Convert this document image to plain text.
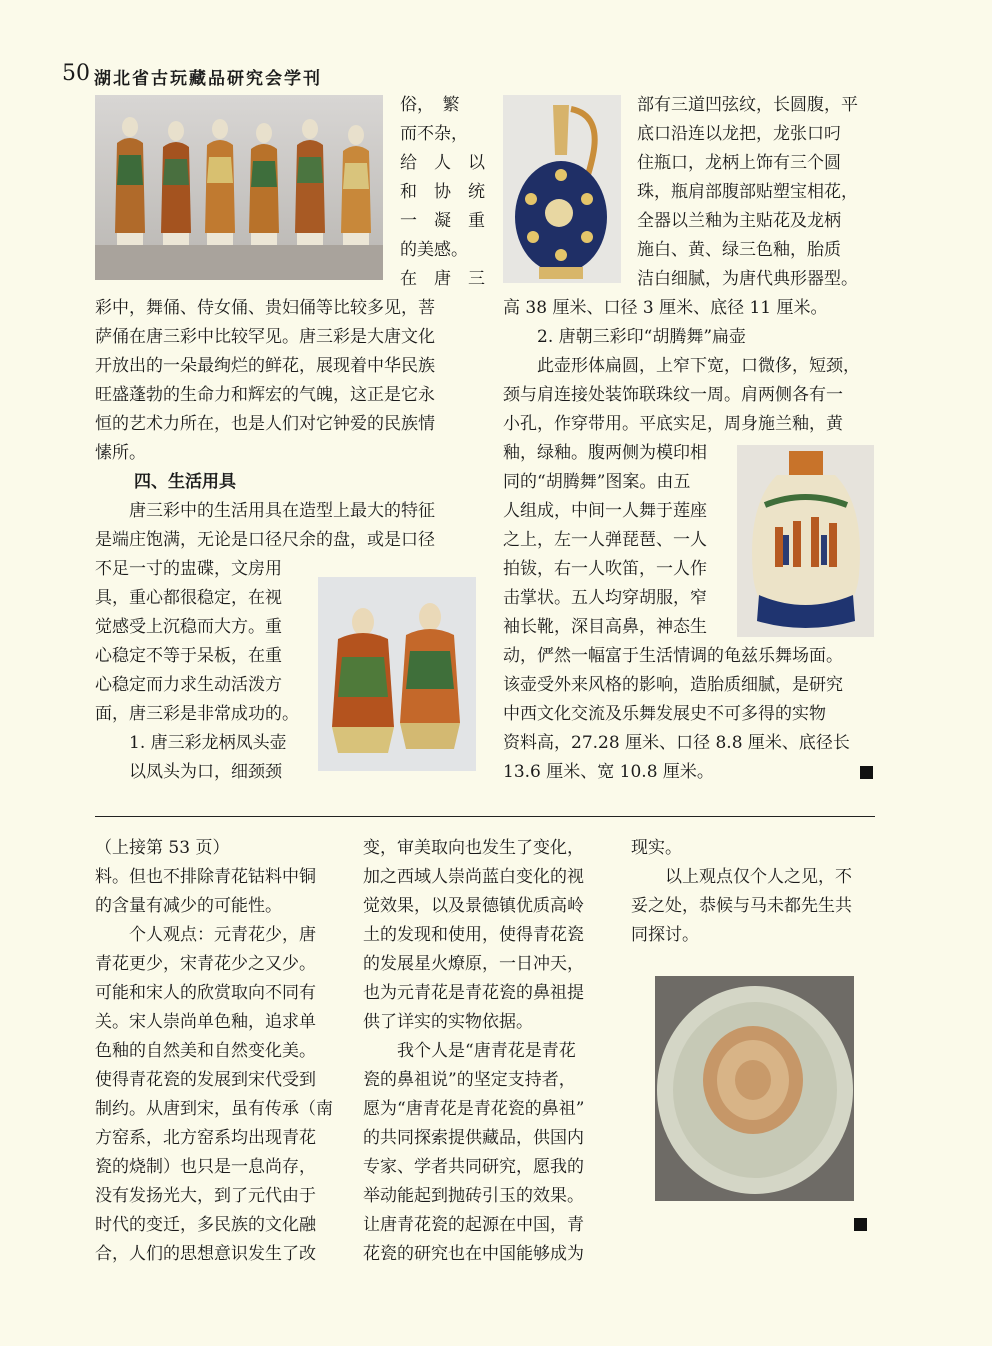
50 湖北省古玩藏品研究会学刊
俗，　繁
而不杂，
给　人　以
和　协　统
一　凝　重
的美感。
在　唐　三
彩中，舞俑、侍女俑、贵妇俑等比较多见，菩
萨俑在唐三彩中比较罕见。唐三彩是大唐文化
开放出的一朵最绚烂的鲜花，展现着中华民族
旺盛蓬勃的生命力和辉宏的气魄，这正是它永
恒的艺术力所在，也是人们对它钟爱的民族情
愫所。
四、生活用具
　　唐三彩中的生活用具在造型上最大的特征
是端庄饱满，无论是口径尺余的盘，或是口径
不足一寸的盅碟，文房用
具，重心都很稳定，在视
觉感受上沉稳而大方。重
心稳定不等于呆板，在重
心稳定而力求生动活泼方
面，唐三彩是非常成功的。
　　1. 唐三彩龙柄凤头壶
　　以凤头为口，细颈颈
部有三道凹弦纹，长圆腹，平
底口沿连以龙把，龙张口叼
住瓶口，龙柄上饰有三个圆
珠，瓶肩部腹部贴塑宝相花，
全器以兰釉为主贴花及龙柄
施白、黄、绿三色釉，胎质
洁白细腻，为唐代典形器型。
高 38 厘米、口径 3 厘米、底径 11 厘米。
　　2. 唐朝三彩印“胡腾舞”扁壶
　　此壶形体扁圆，上窄下宽，口微侈，短颈，
颈与肩连接处装饰联珠纹一周。肩两侧各有一
小孔，作穿带用。平底实足，周身施兰釉，黄
釉，绿釉。腹两侧为模印相
同的“胡腾舞”图案。由五
人组成，中间一人舞于莲座
之上，左一人弹琵琶、一人
拍钹，右一人吹笛，一人作
击掌状。五人均穿胡服，窄
袖长靴，深目高鼻，神态生
动，俨然一幅富于生活情调的龟兹乐舞场面。
该壶受外来风格的影响，造胎质细腻，是研究
中西文化交流及乐舞发展史不可多得的实物
资料高，27.28 厘米、口径 8.8 厘米、底径长
13.6 厘米、宽 10.8 厘米。
（上接第 53 页）
料。但也不排除青花钴料中铜
的含量有减少的可能性。
　　个人观点：元青花少，唐
青花更少，宋青花少之又少。
可能和宋人的欣赏取向不同有
关。宋人崇尚单色釉，追求单
色釉的自然美和自然变化美。
使得青花瓷的发展到宋代受到
制约。从唐到宋，虽有传承（南
方窑系，北方窑系均出现青花
瓷的烧制）也只是一息尚存，
没有发扬光大，到了元代由于
时代的变迁，多民族的文化融
合，人们的思想意识发生了改
变，审美取向也发生了变化，
加之西域人崇尚蓝白变化的视
觉效果，以及景德镇优质高岭
土的发现和使用，使得青花瓷
的发展星火燎原，一日冲天，
也为元青花是青花瓷的鼻祖提
供了详实的实物依据。
　　我个人是“唐青花是青花
瓷的鼻祖说”的坚定支持者，
愿为“唐青花是青花瓷的鼻祖”
的共同探索提供藏品，供国内
专家、学者共同研究，愿我的
举动能起到抛砖引玉的效果。
让唐青花瓷的起源在中国，青
花瓷的研究也在中国能够成为
现实。
　　以上观点仅个人之见，不
妥之处，恭候与马未都先生共
同探讨。
